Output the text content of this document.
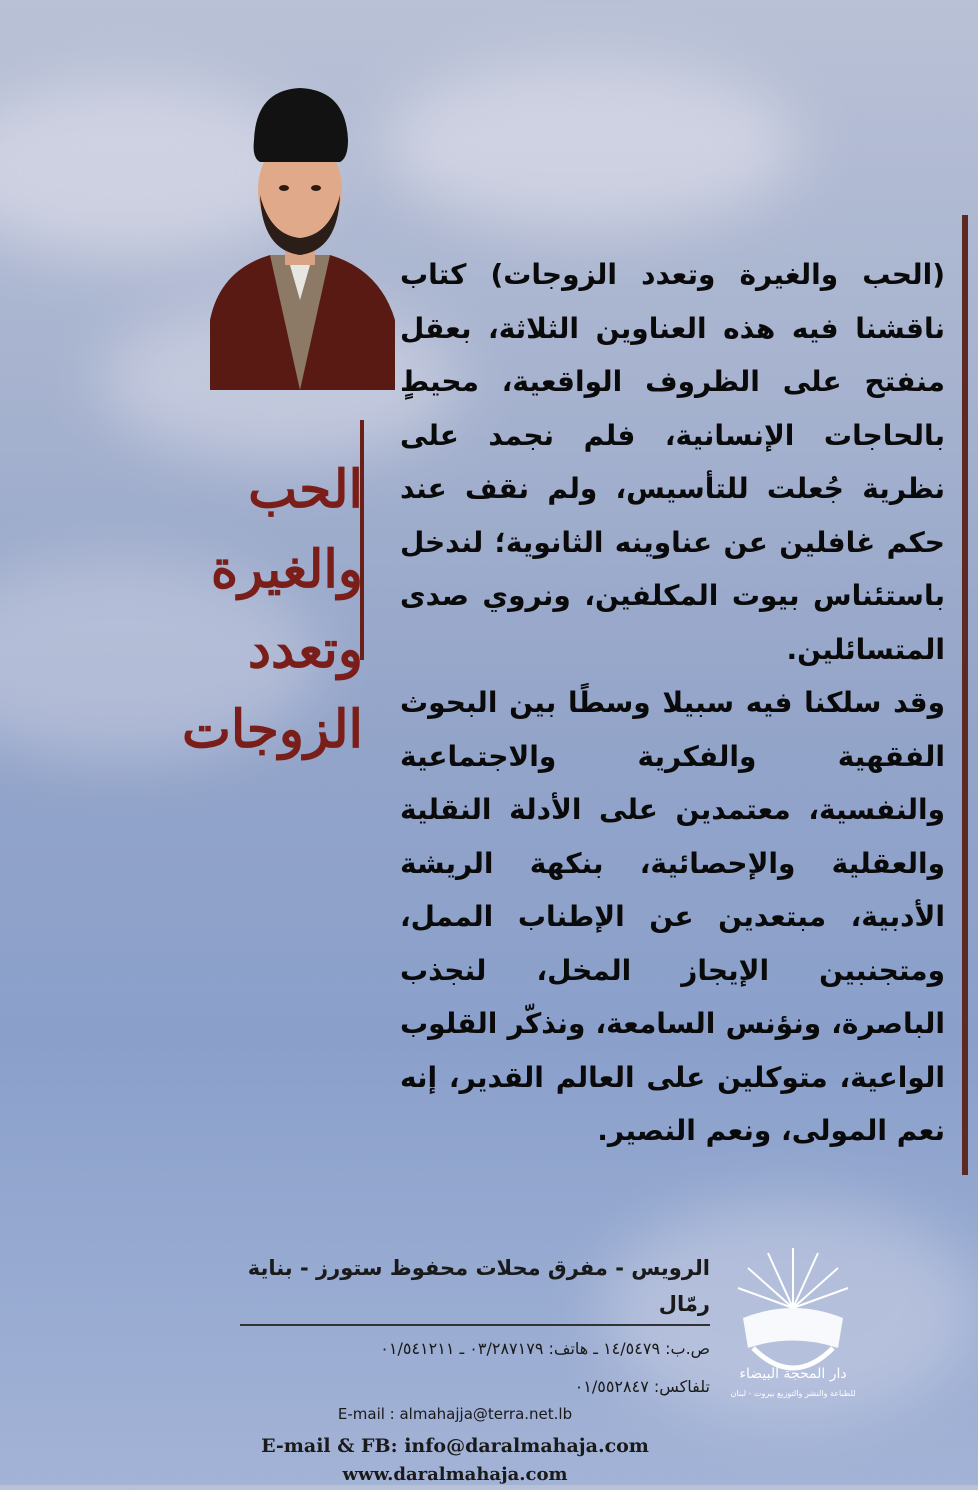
الحب
والغيرة
وتعدد الزوجات

(الحب والغيرة وتعدد الزوجات) كتاب ناقشنا فيه هذه العناوين الثلاثة، بعقل منفتح على الظروف الواقعية، محيطٍ بالحاجات الإنسانية، فلم نجمد على نظرية جُعلت للتأسيس، ولم نقف عند حكم غافلين عن عناوينه الثانوية؛ لندخل باستئناس بيوت المكلفين، ونروي صدى المتسائلين.

وقد سلكنا فيه سبيلا وسطًا بين البحوث الفقهية والفكرية والاجتماعية والنفسية، معتمدين على الأدلة النقلية والعقلية والإحصائية، بنكهة الريشة الأدبية، مبتعدين عن الإطناب الممل، ومتجنبين الإيجاز المخل، لنجذب الباصرة، ونؤنس السامعة، ونذكّر القلوب الواعية، متوكلين على العالم القدير، إنه نعم المولى، ونعم النصير.

دار المحجة البيضاء
للطباعة والنشر والتوزيع بيروت - لبنان
الرويس - مفرق محلات محفوظ ستورز - بناية رمّال
ص.ب: ١٤/٥٤٧٩ ـ هاتف: ٠٣/٢٨٧١٧٩ ـ ٠١/٥٤١٢١١
تلفاكس: ٠١/٥٥٢٨٤٧
E-mail : almahajja@terra.net.lb
E-mail & FB: info@daralmahaja.com
www.daralmahaja.com
